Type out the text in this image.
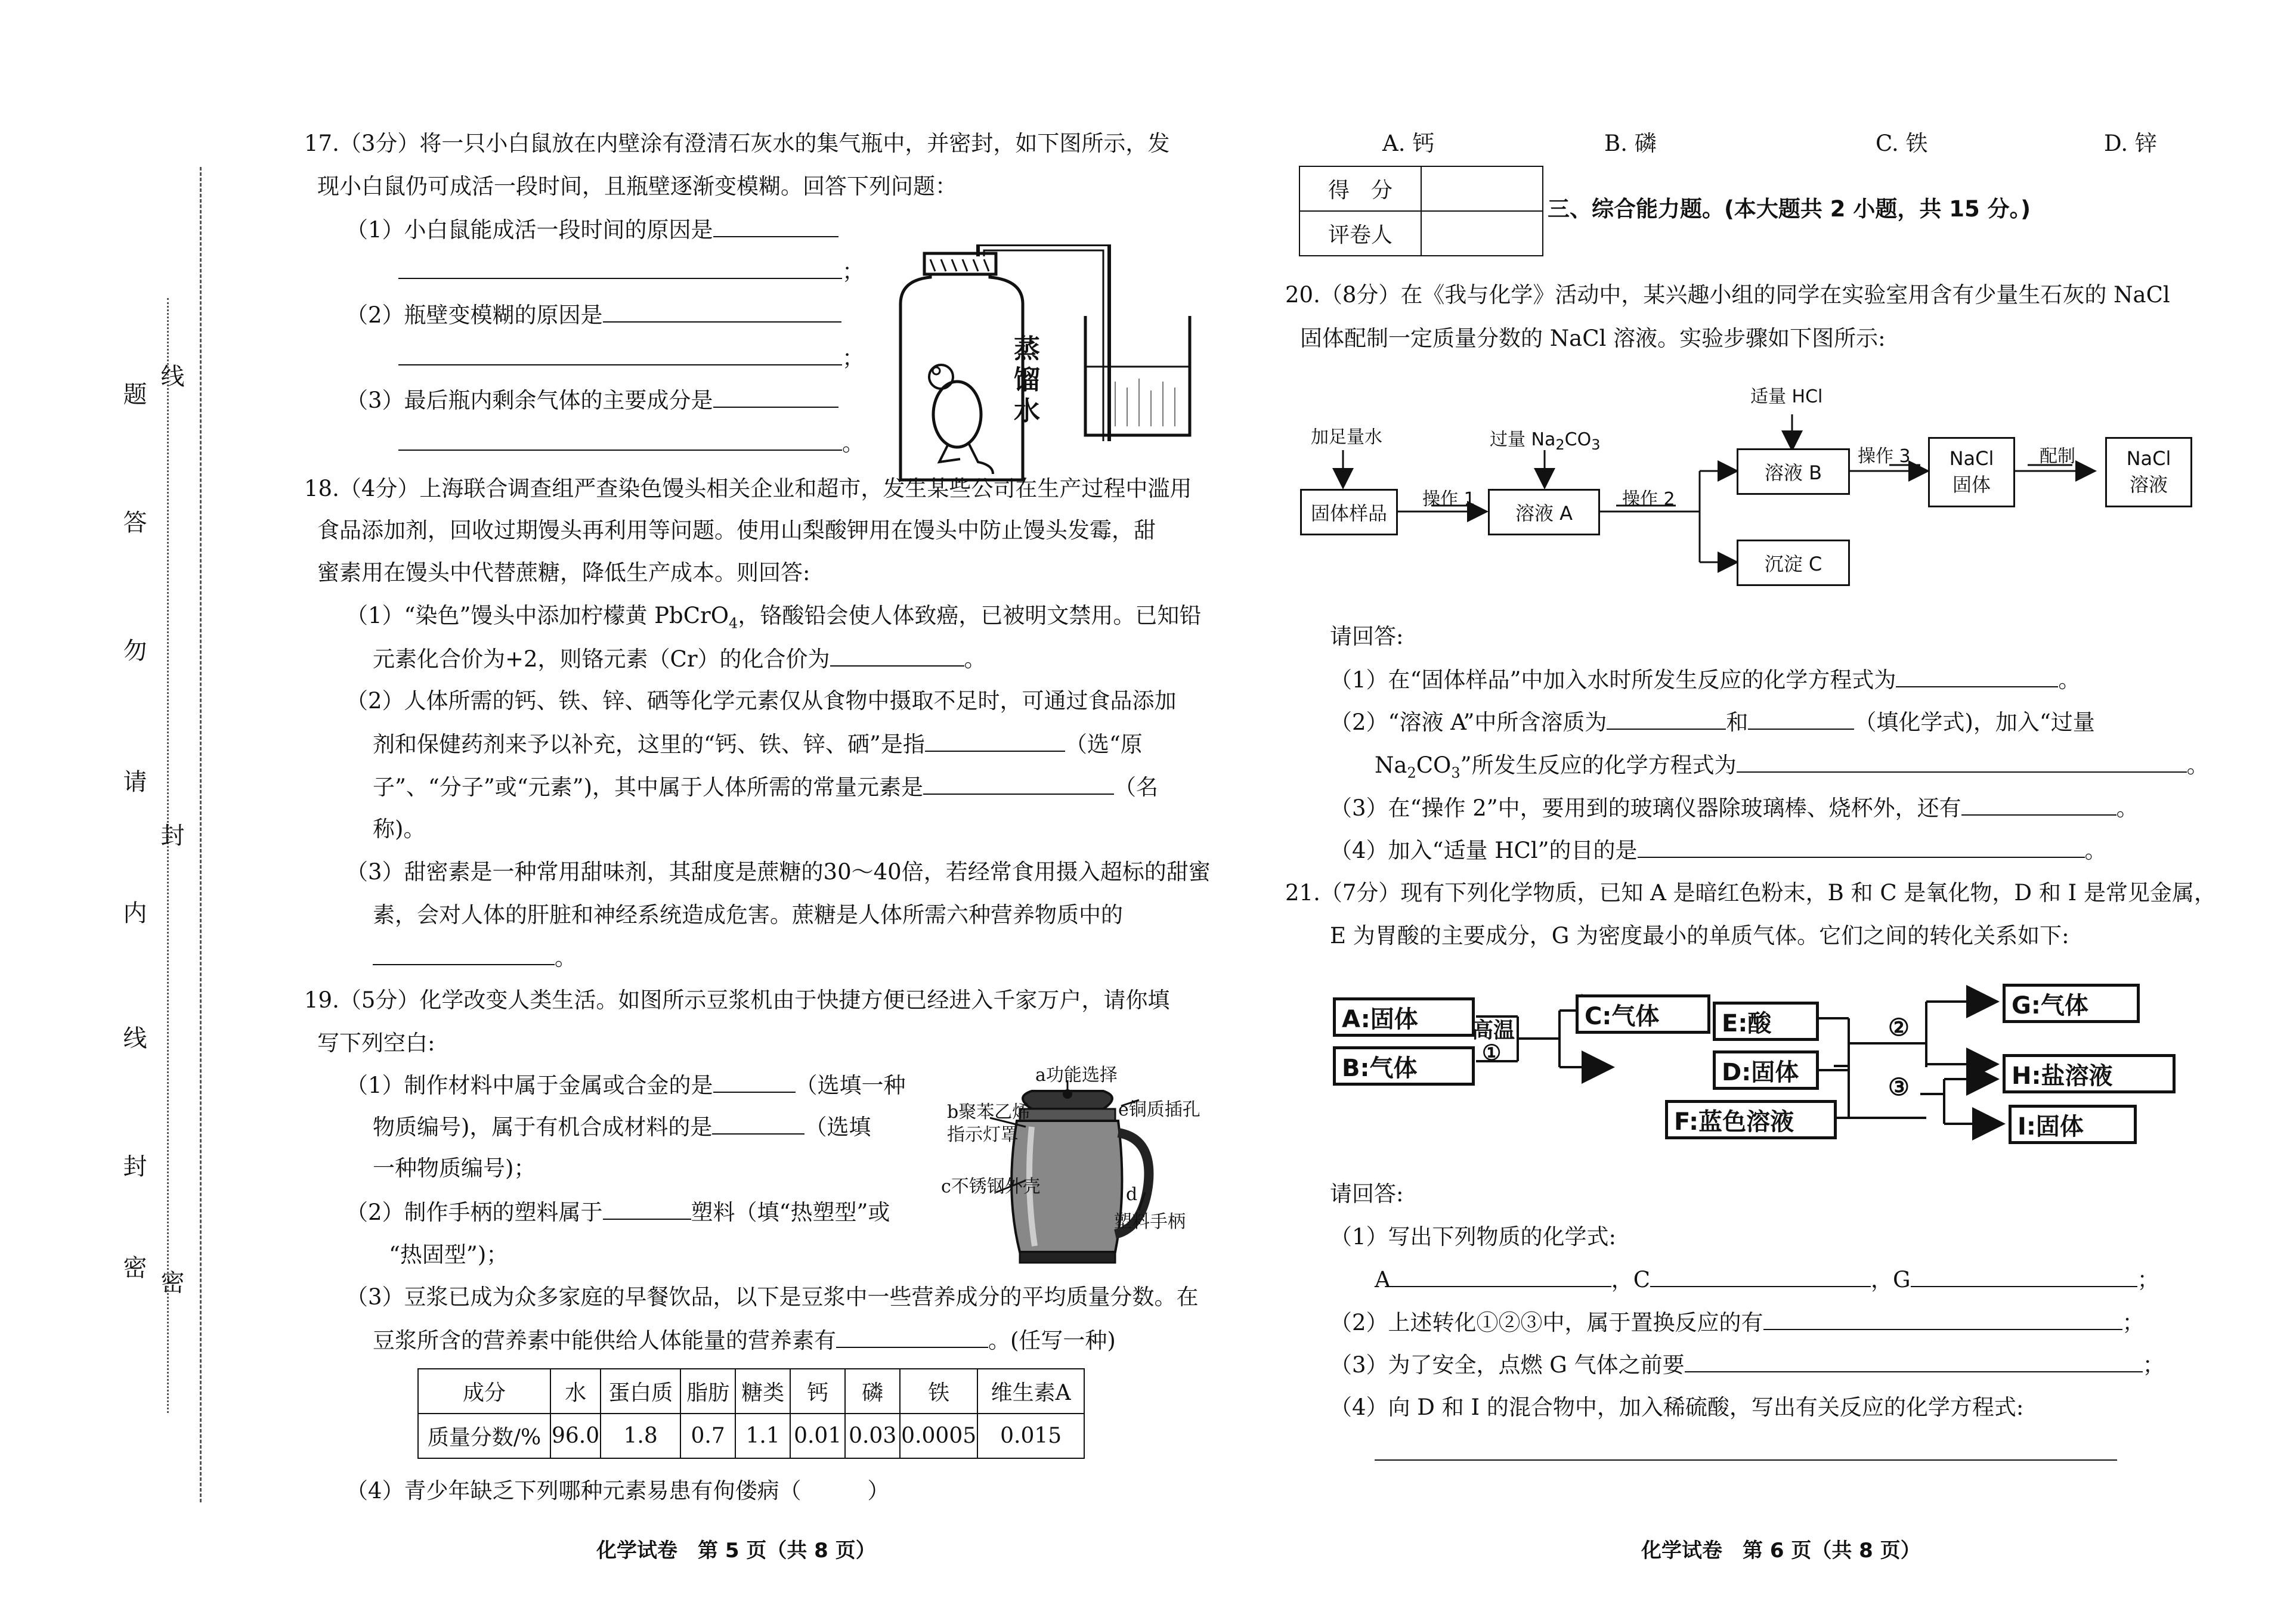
题
答
勿
请
内
线
封
密
线
封
密
17.（3分）将一只小白鼠放在内壁涂有澄清石灰水的集气瓶中，并密封，如下图所示，发
现小白鼠仍可成活一段时间，且瓶壁逐渐变模糊。回答下列问题：
（1）小白鼠能成活一段时间的原因是
；
（2）瓶壁变模糊的原因是
；
（3）最后瓶内剩余气体的主要成分是
。
蒸
馏
水
18.（4分）上海联合调查组严查染色馒头相关企业和超市，发生某些公司在生产过程中滥用
食品添加剂，回收过期馒头再利用等问题。使用山梨酸钾用在馒头中防止馒头发霉，甜
蜜素用在馒头中代替蔗糖，降低生产成本。则回答:
（1）“染色”馒头中添加柠檬黄 PbCrO$_4$，铬酸铅会使人体致癌，已被明文禁用。已知铅
元素化合价为+2，则铬元素（Cr）的化合价为	。
（2）人体所需的钙、铁、锌、硒等化学元素仅从食物中摄取不足时，可通过食品添加
剂和保健药剂来予以补充，这里的“钙、铁、锌、硒”是指	（选“原
子”、“分子”或“元素”)，其中属于人体所需的常量元素是	（名
称)。
（3）甜密素是一种常用甜味剂，其甜度是蔗糖的30～40倍，若经常食用摄入超标的甜蜜
素，会对人体的肝脏和神经系统造成危害。蔗糖是人体所需六种营养物质中的
。
19.（5分）化学改变人类生活。如图所示豆浆机由于快捷方便已经进入千家万户，请你填
写下列空白:
（1）制作材料中属于金属或合金的是	（选填一种
物质编号)，属于有机合成材料的是	（选填
一种物质编号)；
（2）制作手柄的塑料属于	塑料（填“热塑型”或
“热固型”)；
（3）豆浆已成为众多家庭的早餐饮品，以下是豆浆中一些营养成分的平均质量分数。在
豆浆所含的营养素中能供给人体能量的营养素有	。(任写一种)
a功能选择
b聚苯乙烯
指示灯罩
e铜质插孔
c不锈钢外壳	d
塑料手柄
成分	水	蛋白质	脂肪	糖类	钙	磷	铁	维生素A
质量分数/%	96.0	1.8	0.7	1.1	0.01	0.03	0.0005	0.015
（4）青少年缺乏下列哪种元素易患有佝偻病（　　　）
化学试卷　第 5 页（共 8 页）
A. 钙	B. 磷	C. 铁	D. 锌
得　分	
评卷人	
三、综合能力题。(本大题共 2 小题，共 15 分。)
20.（8分）在《我与化学》活动中，某兴趣小组的同学在实验室用含有少量生石灰的 NaCl
固体配制一定质量分数的 NaCl 溶液。实验步骤如下图所示:
加足量水	过量 $Na_2CO_3$
适量 HCl
固体样品
操作 1
溶液 A
操作 2
溶液 B
操作 3 NaCl
固体
配制	NaCl
溶液
沉淀 C
请回答:
（1）在“固体样品”中加入水时所发生反应的化学方程式为	。
（2）“溶液 A”中所含溶质为	和	（填化学式)，加入“过量
$Na_2CO_3$”所发生反应的化学方程式为	。
（3）在“操作 2”中，要用到的玻璃仪器除玻璃棒、烧杯外，还有	。
（4）加入“适量 HCl”的目的是	。
21.（7分）现有下列化学物质，已知 A 是暗红色粉末，B 和 C 是氧化物，D 和 I 是常见金属，
E 为胃酸的主要成分，G 为密度最小的单质气体。它们之间的转化关系如下:
A:固体
B:气体
高温
①
C:气体	E:酸
D:固体
F:蓝色溶液
②
③
G:气体
H:盐溶液
I:固体
请回答:
（1）写出下列物质的化学式:
A	，C	，G	；
（2）上述转化①②③中，属于置换反应的有	；
（3）为了安全，点燃 G 气体之前要	；
（4）向 D 和 I 的混合物中，加入稀硫酸，写出有关反应的化学方程式:
化学试卷　第 6 页（共 8 页）
